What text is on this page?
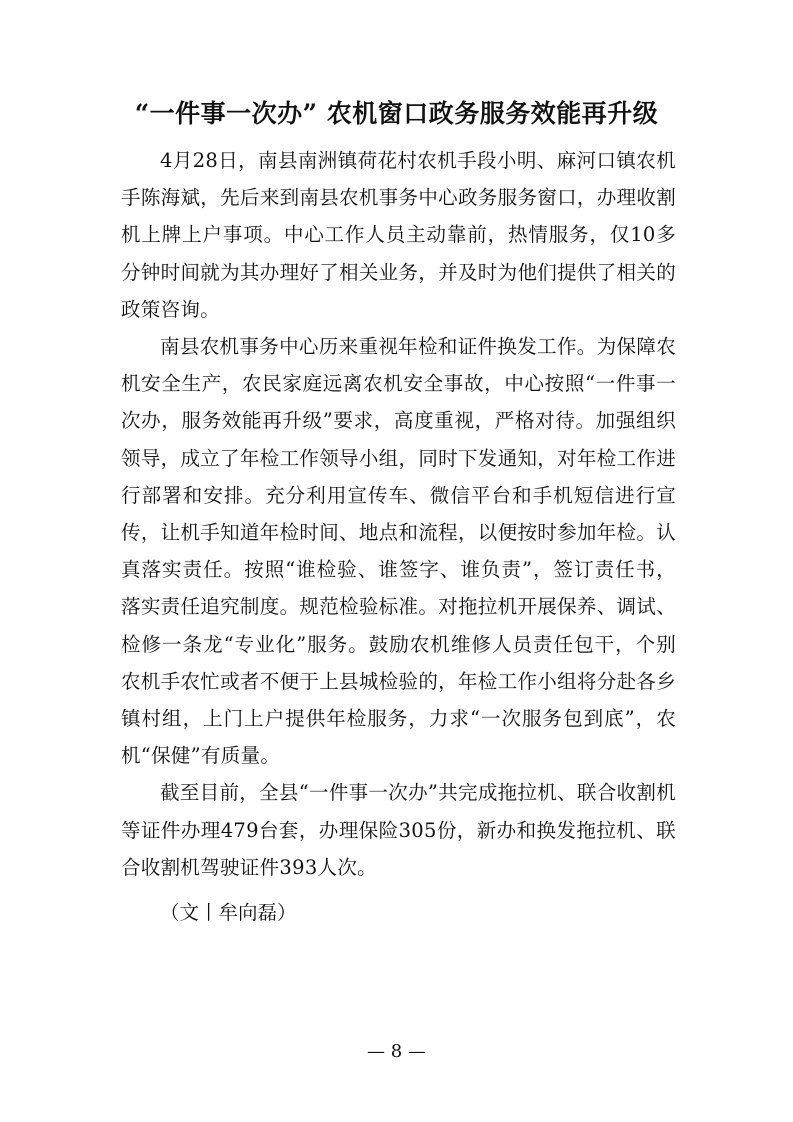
“一件事一次办” 农机窗口政务服务效能再升级

4月28日，南县南洲镇荷花村农机手段小明、麻河口镇农机手陈海斌，先后来到南县农机事务中心政务服务窗口，办理收割机上牌上户事项。中心工作人员主动靠前，热情服务，仅10多分钟时间就为其办理好了相关业务，并及时为他们提供了相关的政策咨询。

南县农机事务中心历来重视年检和证件换发工作。为保障农机安全生产，农民家庭远离农机安全事故，中心按照“一件事一次办，服务效能再升级”要求，高度重视，严格对待。加强组织领导，成立了年检工作领导小组，同时下发通知，对年检工作进行部署和安排。充分利用宣传车、微信平台和手机短信进行宣传，让机手知道年检时间、地点和流程，以便按时参加年检。认真落实责任。按照“谁检验、谁签字、谁负责”，签订责任书，落实责任追究制度。规范检验标准。对拖拉机开展保养、调试、检修一条龙“专业化”服务。鼓励农机维修人员责任包干，个别农机手农忙或者不便于上县城检验的，年检工作小组将分赴各乡镇村组，上门上户提供年检服务，力求“一次服务包到底”，农机“保健”有质量。

截至目前，全县“一件事一次办”共完成拖拉机、联合收割机等证件办理479台套，办理保险305份，新办和换发拖拉机、联合收割机驾驶证件393人次。

（文丨牟向磊）

— 8 —
